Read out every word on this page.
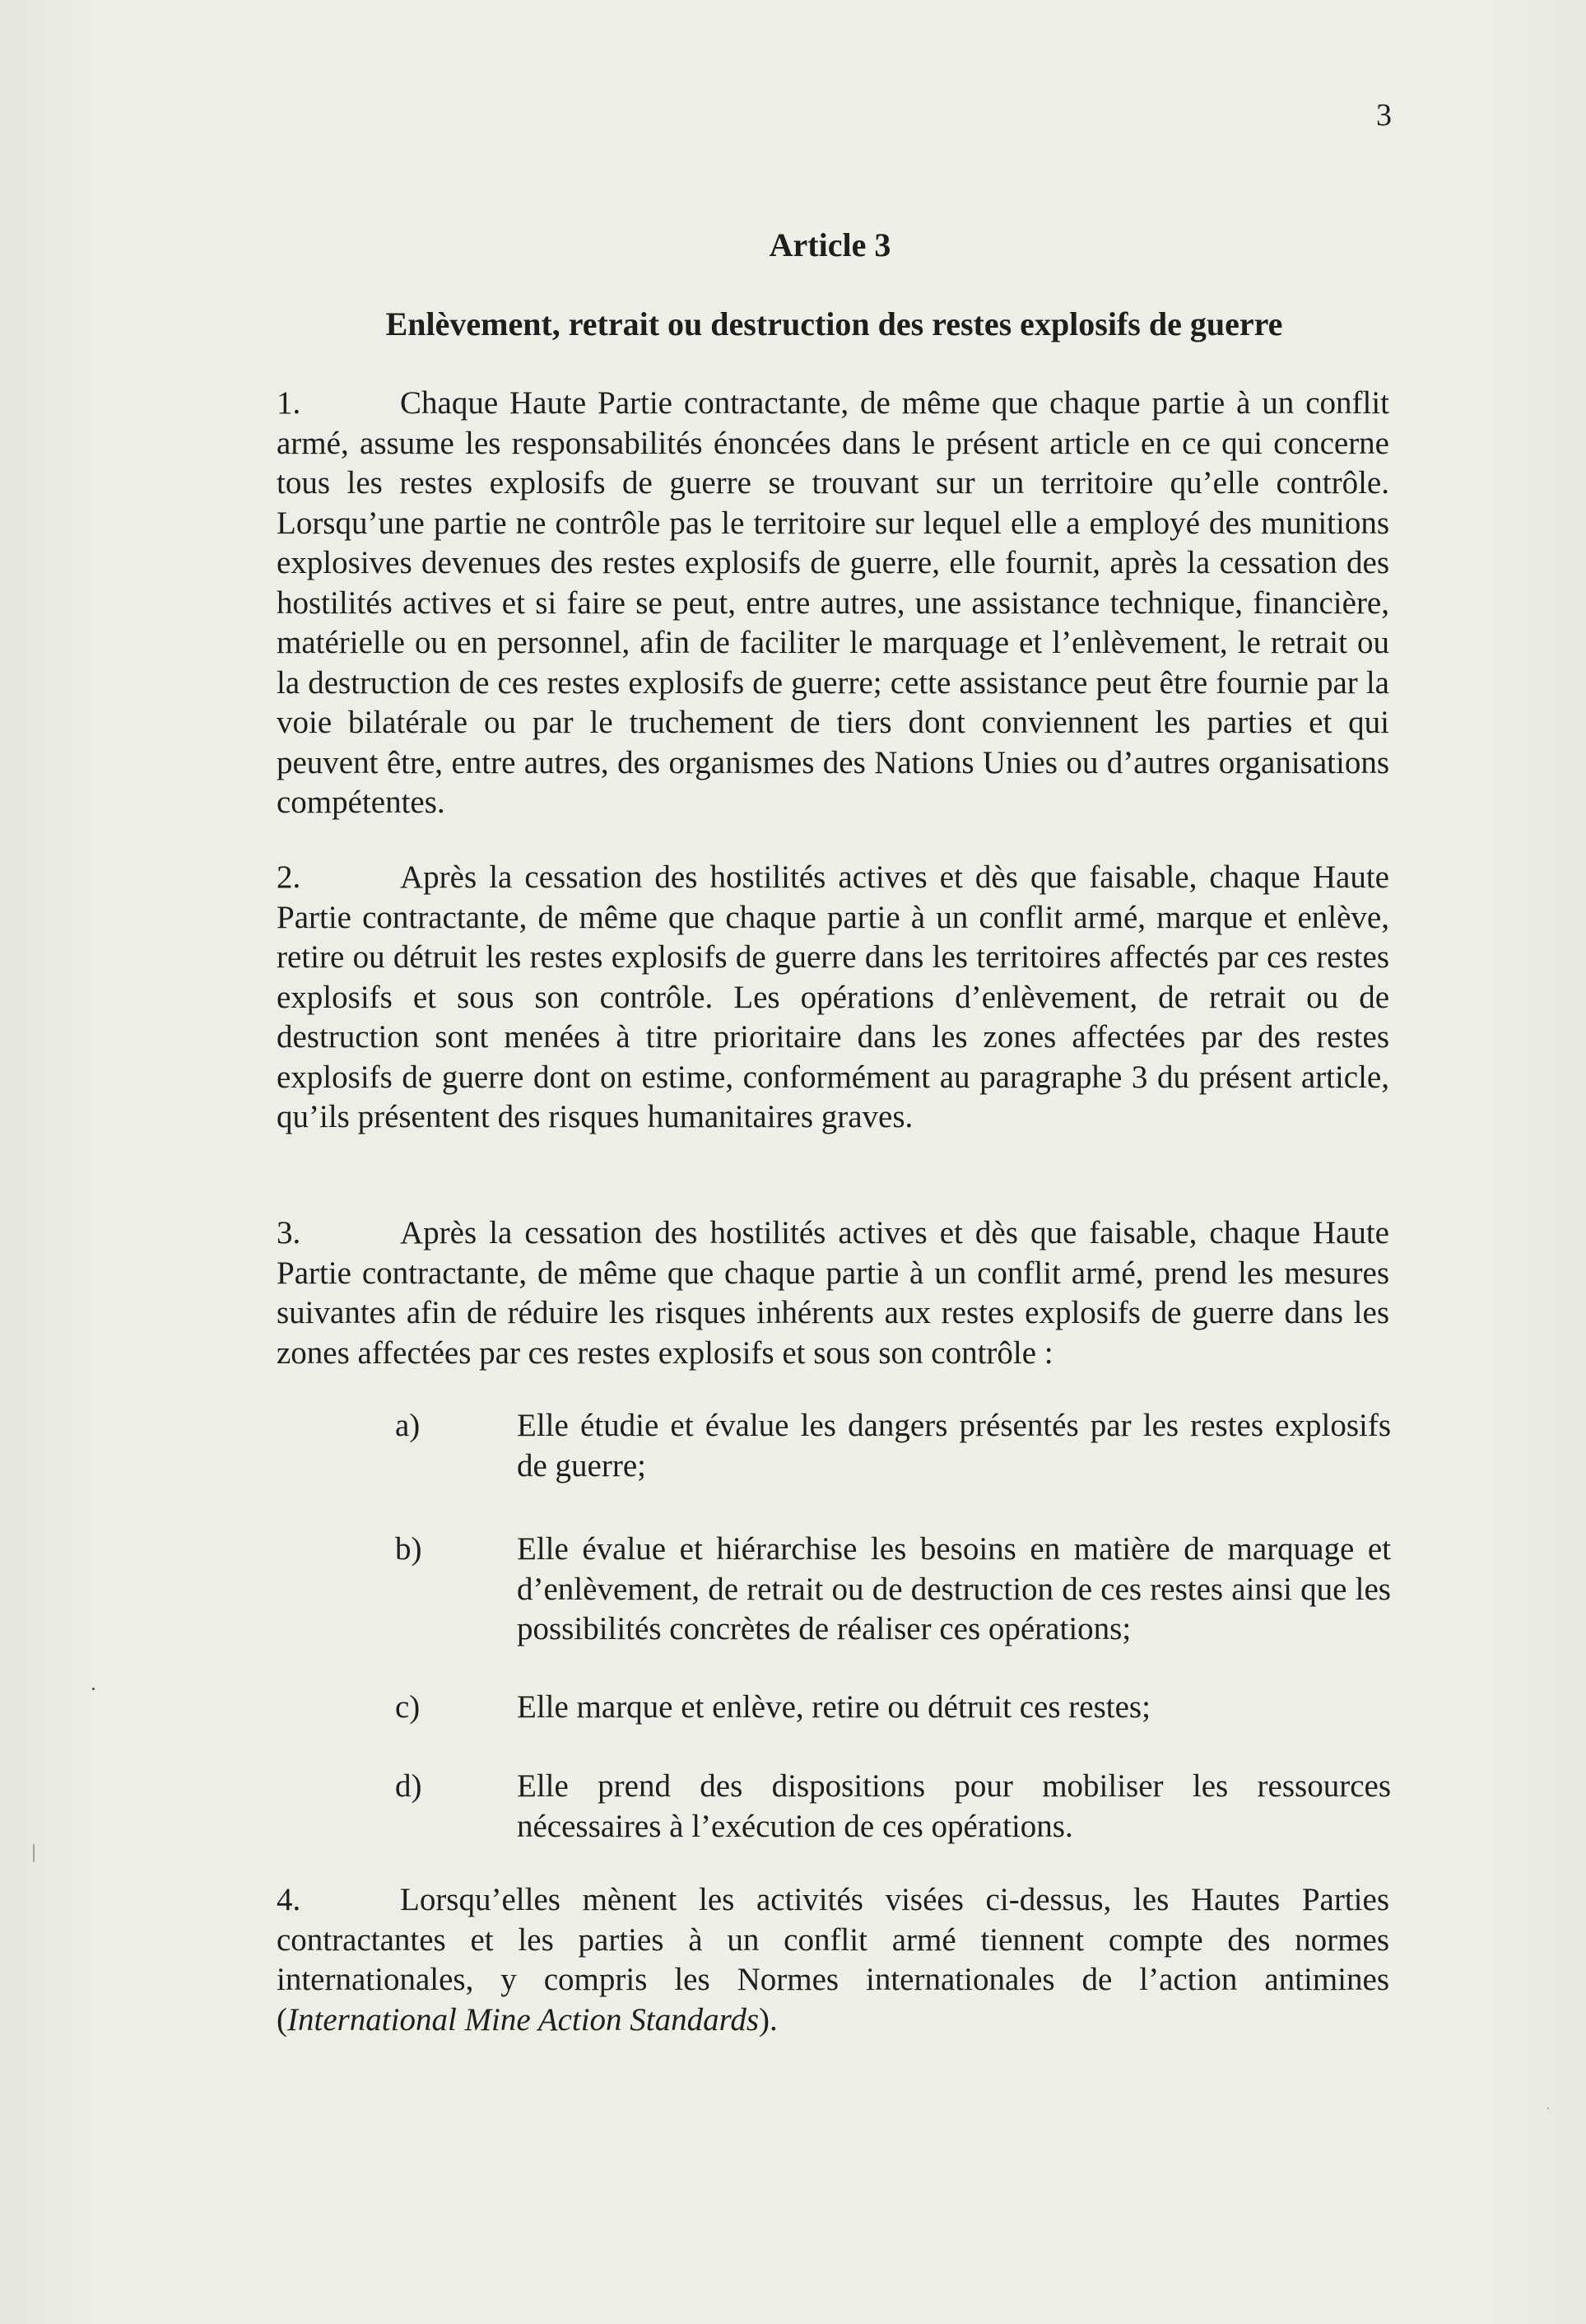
3
Article 3
Enlèvement, retrait ou destruction des restes explosifs de guerre

1.	Chaque Haute Partie contractante, de même que chaque partie à un conflit armé, assume les responsabilités énoncées dans le présent article en ce qui concerne tous les restes explosifs de guerre se trouvant sur un territoire qu’elle contrôle. Lorsqu’une partie ne contrôle pas le territoire sur lequel elle a employé des munitions explosives devenues des restes explosifs de guerre, elle fournit, après la cessation des hostilités actives et si faire se peut, entre autres, une assistance technique, financière, matérielle ou en personnel, afin de faciliter le marquage et l’enlèvement, le retrait ou la destruction de ces restes explosifs de guerre; cette assistance peut être fournie par la voie bilatérale ou par le truchement de tiers dont conviennent les parties et qui peuvent être, entre autres, des organismes des Nations Unies ou d’autres organisations compétentes.

2.	Après la cessation des hostilités actives et dès que faisable, chaque Haute Partie contractante, de même que chaque partie à un conflit armé, marque et enlève, retire ou détruit les restes explosifs de guerre dans les territoires affectés par ces restes explosifs et sous son contrôle. Les opérations d’enlèvement, de retrait ou de destruction sont menées à titre prioritaire dans les zones affectées par des restes explosifs de guerre dont on estime, conformément au paragraphe 3 du présent article, qu’ils présentent des risques humanitaires graves.

3.	Après la cessation des hostilités actives et dès que faisable, chaque Haute Partie contractante, de même que chaque partie à un conflit armé, prend les mesures suivantes afin de réduire les risques inhérents aux restes explosifs de guerre dans les zones affectées par ces restes explosifs et sous son contrôle :

a)	Elle étudie et évalue les dangers présentés par les restes explosifs de guerre;
b)	Elle évalue et hiérarchise les besoins en matière de marquage et d’enlèvement, de retrait ou de destruction de ces restes ainsi que les possibilités concrètes de réaliser ces opérations;
c)	Elle marque et enlève, retire ou détruit ces restes;
d)	Elle prend des dispositions pour mobiliser les ressources nécessaires à l’exécution de ces opérations.

4.	Lorsqu’elles mènent les activités visées ci-dessus, les Hautes Parties contractantes et les parties à un conflit armé tiennent compte des normes internationales, y compris les Normes internationales de l’action antimines (International Mine Action Standards).
